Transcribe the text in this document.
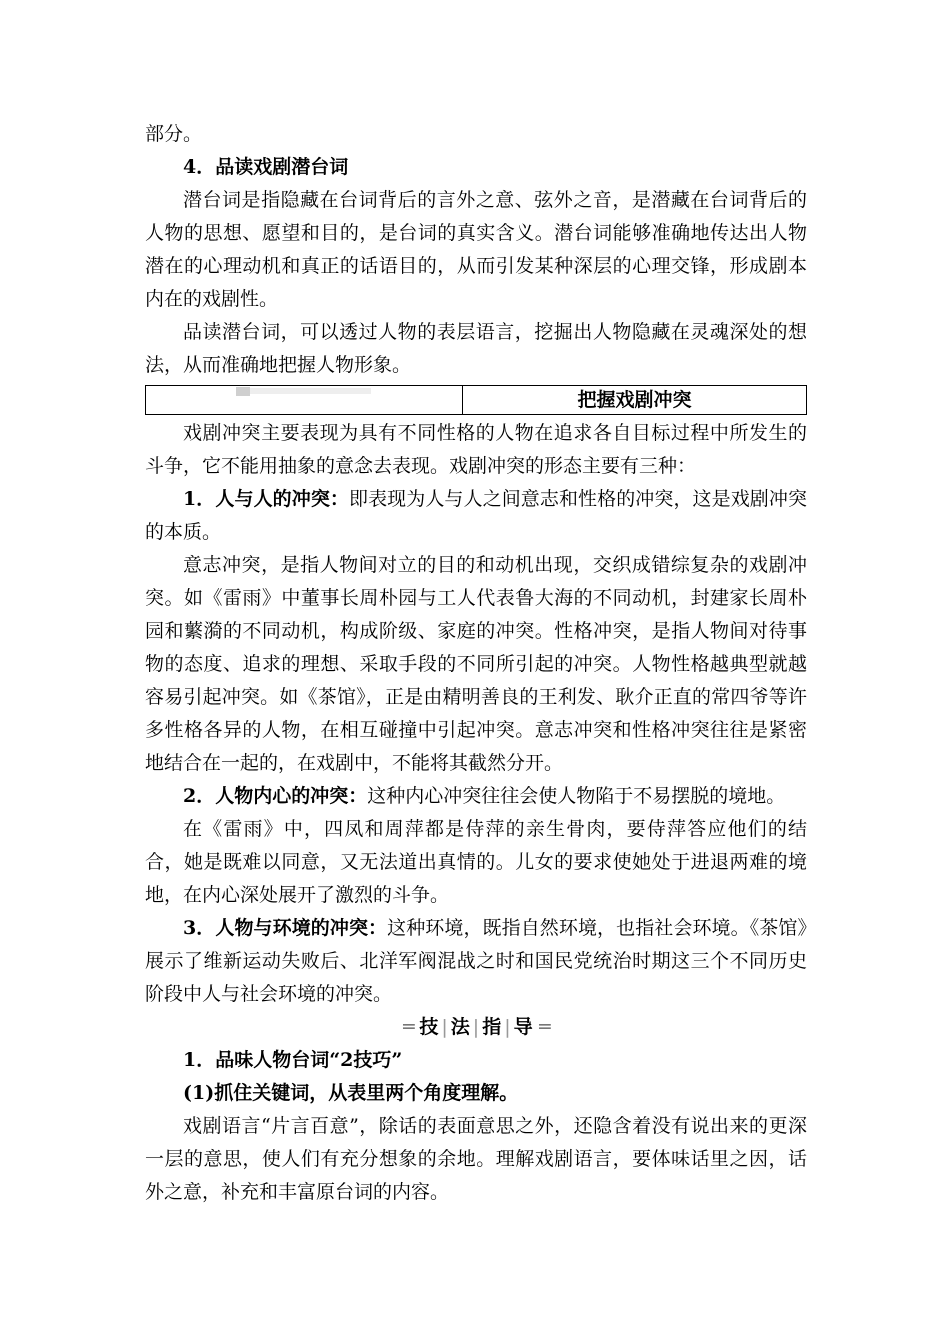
部分。

4．品读戏剧潜台词

潜台词是指隐藏在台词背后的言外之意、弦外之音，是潜藏在台词背后的人物的思想、愿望和目的，是台词的真实含义。潜台词能够准确地传达出人物潜在的心理动机和真正的话语目的，从而引发某种深层的心理交锋，形成剧本内在的戏剧性。

品读潜台词，可以透过人物的表层语言，挖掘出人物隐藏在灵魂深处的想法，从而准确地把握人物形象。

把握戏剧冲突

戏剧冲突主要表现为具有不同性格的人物在追求各自目标过程中所发生的斗争，它不能用抽象的意念去表现。戏剧冲突的形态主要有三种：

1．人与人的冲突：即表现为人与人之间意志和性格的冲突，这是戏剧冲突的本质。

意志冲突，是指人物间对立的目的和动机出现，交织成错综复杂的戏剧冲突。如《雷雨》中董事长周朴园与工人代表鲁大海的不同动机，封建家长周朴园和蘩漪的不同动机，构成阶级、家庭的冲突。性格冲突，是指人物间对待事物的态度、追求的理想、采取手段的不同所引起的冲突。人物性格越典型就越容易引起冲突。如《茶馆》，正是由精明善良的王利发、耿介正直的常四爷等许多性格各异的人物，在相互碰撞中引起冲突。意志冲突和性格冲突往往是紧密地结合在一起的，在戏剧中，不能将其截然分开。

2．人物内心的冲突：这种内心冲突往往会使人物陷于不易摆脱的境地。

在《雷雨》中，四凤和周萍都是侍萍的亲生骨肉，要侍萍答应他们的结合，她是既难以同意，又无法道出真情的。儿女的要求使她处于进退两难的境地，在内心深处展开了激烈的斗争。

3．人物与环境的冲突：这种环境，既指自然环境，也指社会环境。《茶馆》展示了维新运动失败后、北洋军阀混战之时和国民党统治时期这三个不同历史阶段中人与社会环境的冲突。

═ 技 | 法 | 指 | 导 ═

1．品味人物台词“2技巧”

(1)抓住关键词，从表里两个角度理解。

戏剧语言“片言百意”，除话的表面意思之外，还隐含着没有说出来的更深一层的意思，使人们有充分想象的余地。理解戏剧语言，要体味话里之因，话外之意，补充和丰富原台词的内容。
